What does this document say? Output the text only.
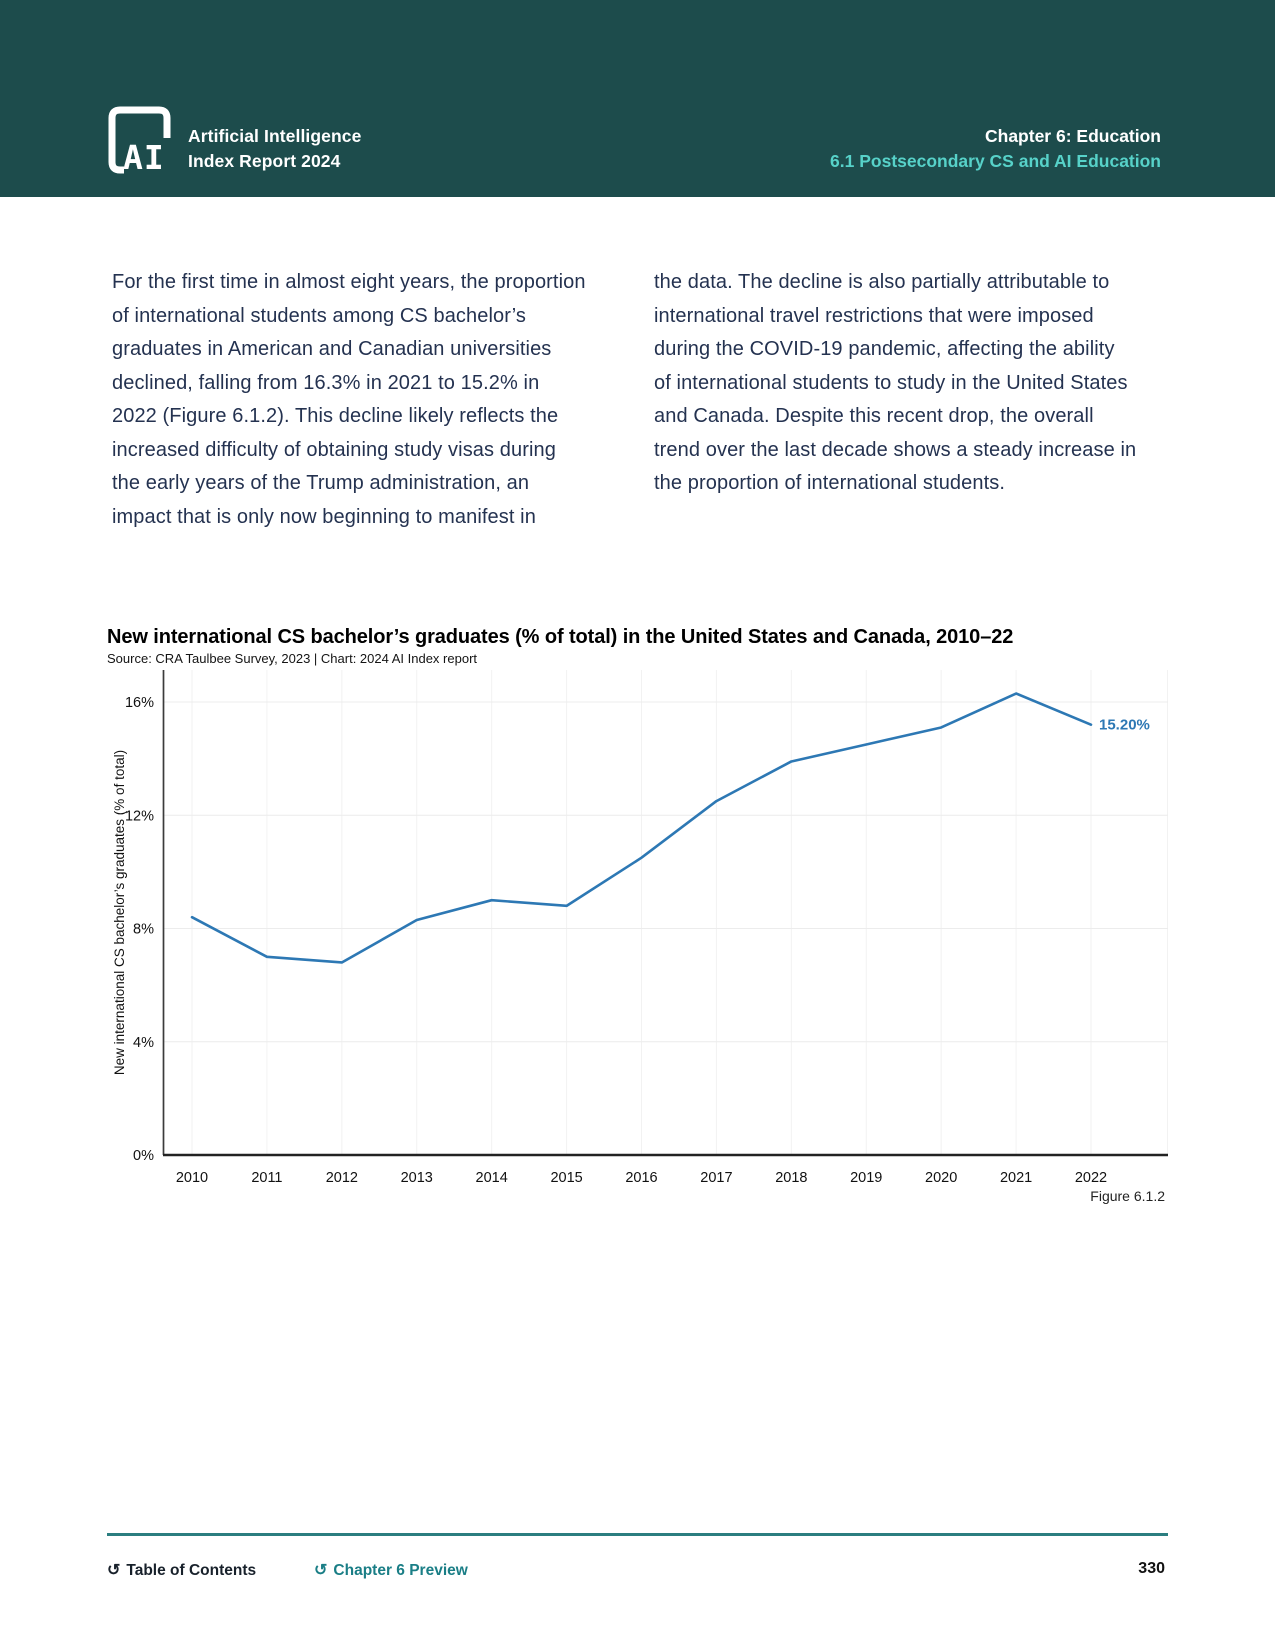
AI
Artificial Intelligence
Index Report 2024
Chapter 6: Education
6.1 Postsecondary CS and AI Education
For the first time in almost eight years, the proportion
of international students among CS bachelor’s
graduates in American and Canadian universities
declined, falling from 16.3% in 2021 to 15.2% in
2022 (Figure 6.1.2). This decline likely reflects the
increased difficulty of obtaining study visas during
the early years of the Trump administration, an
impact that is only now beginning to manifest in
the data. The decline is also partially attributable to
international travel restrictions that were imposed
during the COVID-19 pandemic, affecting the ability
of international students to study in the United States
and Canada. Despite this recent drop, the overall
trend over the last decade shows a steady increase in
the proportion of international students.
New international CS bachelor’s graduates (% of total) in the United States and Canada, 2010–22
Source: CRA Taulbee Survey, 2023 | Chart: 2024 AI Index report
0%
4%
8%
12%
16%
2010	2011	2012	2013	2014	2015	2016	2017	2018	2019	2020	2021	2022
New international CS bachelor’s graduates (% of total)
15.20%
Figure 6.1.2
↺ Table of Contents	↺ Chapter 6 Preview	330
